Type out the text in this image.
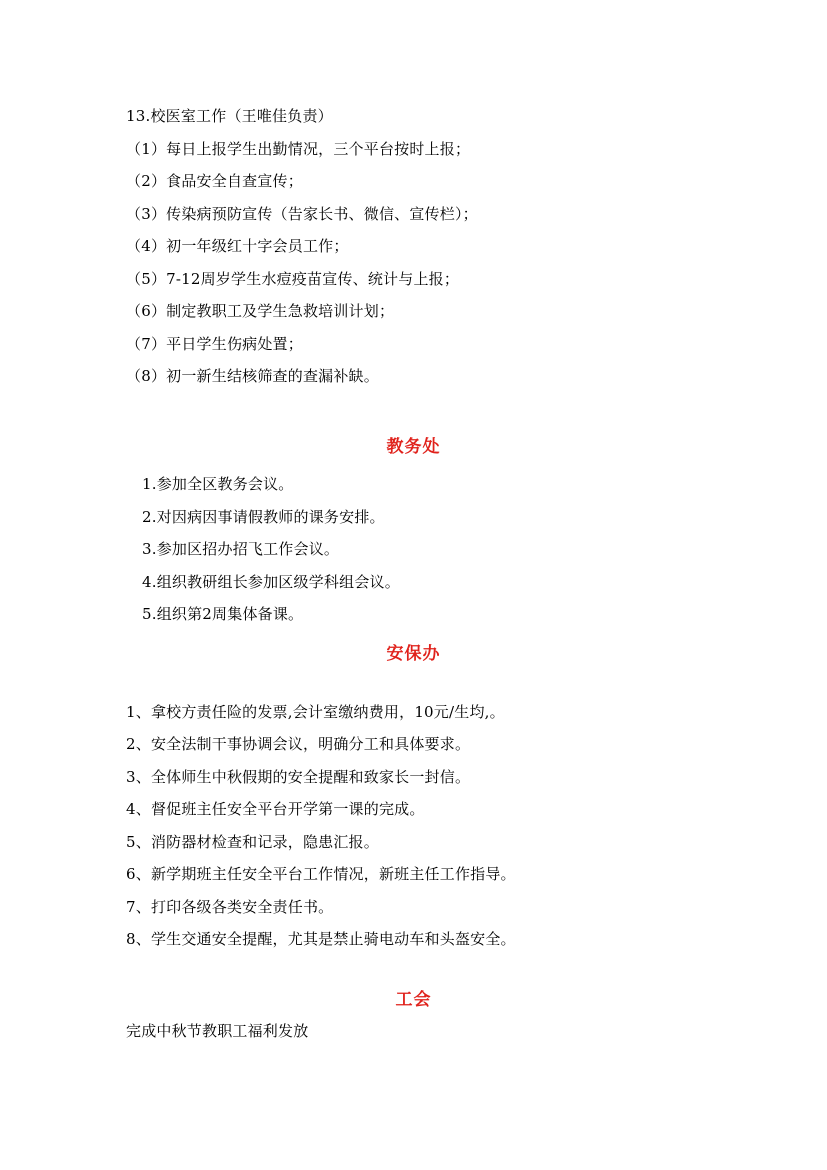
13.校医室工作（王唯佳负责）
（1）每日上报学生出勤情况，三个平台按时上报；
（2）食品安全自查宣传；
（3）传染病预防宣传（告家长书、微信、宣传栏）；
（4）初一年级红十字会员工作；
（5）7-12周岁学生水痘疫苗宣传、统计与上报；
（6）制定教职工及学生急救培训计划；
（7）平日学生伤病处置；
（8）初一新生结核筛查的查漏补缺。
教务处
1.参加全区教务会议。
2.对因病因事请假教师的课务安排。
3.参加区招办招飞工作会议。
4.组织教研组长参加区级学科组会议。
5.组织第2周集体备课。
安保办
1、拿校方责任险的发票,会计室缴纳费用，10元/生均,。
2、安全法制干事协调会议，明确分工和具体要求。
3、全体师生中秋假期的安全提醒和致家长一封信。
4、督促班主任安全平台开学第一课的完成。
5、消防器材检查和记录，隐患汇报。
6、新学期班主任安全平台工作情况，新班主任工作指导。
7、打印各级各类安全责任书。
8、学生交通安全提醒，尤其是禁止骑电动车和头盔安全。
工会
完成中秋节教职工福利发放
